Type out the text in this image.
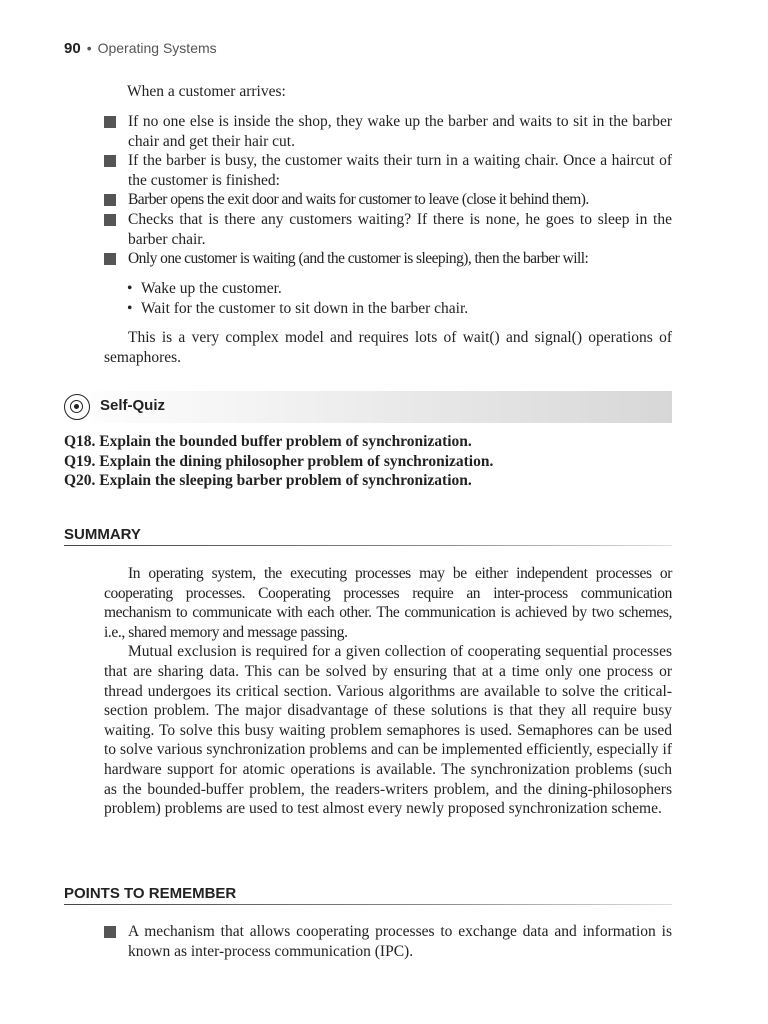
90 • Operating Systems
When a customer arrives:
If no one else is inside the shop, they wake up the barber and waits to sit in the barber chair and get their hair cut.
If the barber is busy, the customer waits their turn in a waiting chair. Once a haircut of the customer is finished:
Barber opens the exit door and waits for customer to leave (close it behind them).
Checks that is there any customers waiting? If there is none, he goes to sleep in the barber chair.
Only one customer is waiting (and the customer is sleeping), then the barber will:
• Wake up the customer.
• Wait for the customer to sit down in the barber chair.
This is a very complex model and requires lots of wait() and signal() operations of semaphores.
Self-Quiz
Q18. Explain the bounded buffer problem of synchronization.
Q19. Explain the dining philosopher problem of synchronization.
Q20. Explain the sleeping barber problem of synchronization.
SUMMARY

In operating system, the executing processes may be either independent processes or cooperating processes. Cooperating processes require an inter-process communication mechanism to communicate with each other. The communication is achieved by two schemes, i.e., shared memory and message passing.

Mutual exclusion is required for a given collection of cooperating sequential processes that are sharing data. This can be solved by ensuring that at a time only one process or thread undergoes its critical section. Various algorithms are available to solve the critical-section problem. The major disadvantage of these solutions is that they all require busy waiting. To solve this busy waiting problem semaphores is used. Semaphores can be used to solve various synchronization problems and can be implemented efficiently, especially if hardware support for atomic operations is available. The synchronization problems (such as the bounded-buffer problem, the readers-writers problem, and the dining-philosophers problem) problems are used to test almost every newly proposed synchronization scheme.

POINTS TO REMEMBER
A mechanism that allows cooperating processes to exchange data and information is known as inter-process communication (IPC).
